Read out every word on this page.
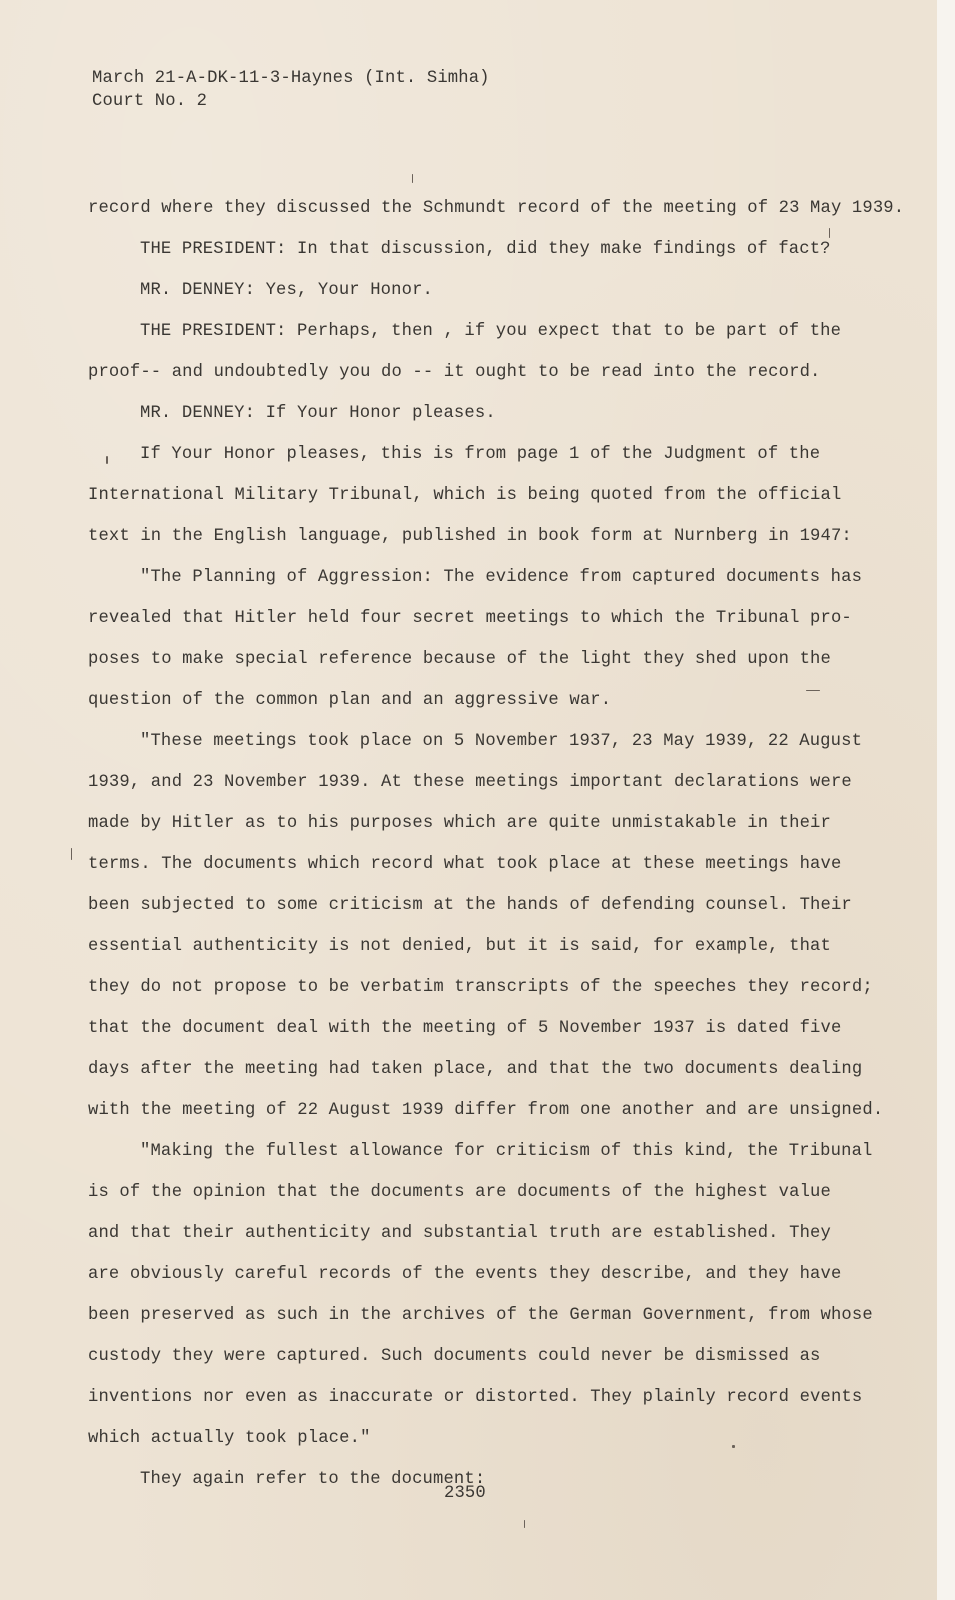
March 21-A-DK-11-3-Haynes (Int. Simha)
Court No. 2
record where they discussed the Schmundt record of the meeting of 23 May 1939.
THE PRESIDENT: In that discussion, did they make findings of fact?
MR. DENNEY: Yes, Your Honor.
THE PRESIDENT: Perhaps, then , if you expect that to be part of the
proof-- and undoubtedly you do -- it ought to be read into the record.
MR. DENNEY: If Your Honor pleases.
If Your Honor pleases, this is from page 1 of the Judgment of the
International Military Tribunal, which is being quoted from the official
text in the English language, published in book form at Nurnberg in 1947:
"The Planning of Aggression: The evidence from captured documents has
revealed that Hitler held four secret meetings to which the Tribunal pro-
poses to make special reference because of the light they shed upon the
question of the common plan and an aggressive war.
"These meetings took place on 5 November 1937, 23 May 1939, 22 August
1939, and 23 November 1939. At these meetings important declarations were
made by Hitler as to his purposes which are quite unmistakable in their
terms. The documents which record what took place at these meetings have
been subjected to some criticism at the hands of defending counsel. Their
essential authenticity is not denied, but it is said, for example, that
they do not propose to be verbatim transcripts of the speeches they record;
that the document deal with the meeting of 5 November 1937 is dated five
days after the meeting had taken place, and that the two documents dealing
with the meeting of 22 August 1939 differ from one another and are unsigned.
"Making the fullest allowance for criticism of this kind, the Tribunal
is of the opinion that the documents are documents of the highest value
and that their authenticity and substantial truth are established. They
are obviously careful records of the events they describe, and they have
been preserved as such in the archives of the German Government, from whose
custody they were captured. Such documents could never be dismissed as
inventions nor even as inaccurate or distorted. They plainly record events
which actually took place."
They again refer to the document:
2350
